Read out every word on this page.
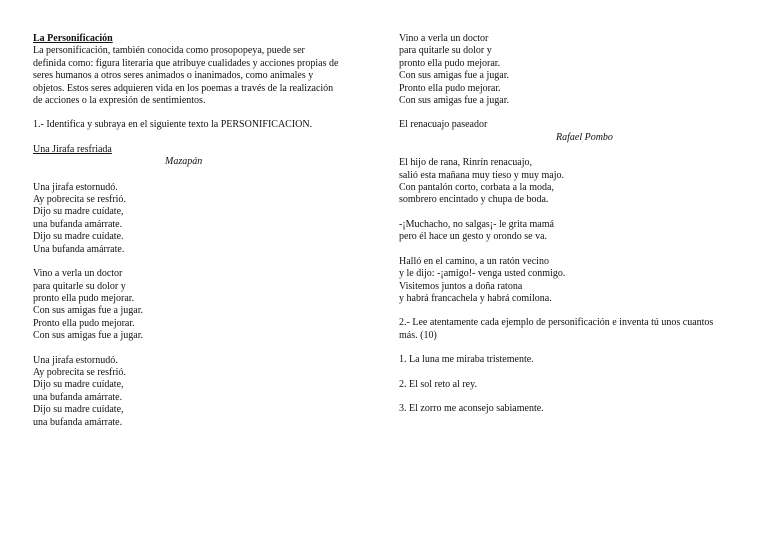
La Personificación
La personificación, también conocida como prosopopeya, puede ser
definida como: figura literaria que atribuye cualidades y acciones propias de
seres humanos a otros seres animados o inanimados, como animales y
objetos. Estos seres adquieren vida en los poemas a través de la realización
de acciones o la expresión de sentimientos.
1.- Identifica y subraya en el siguiente texto la PERSONIFICACION.
Una Jirafa resfriada
Mazapán
Una jirafa estornudó.
Ay pobrecita se resfrió.
Dijo su madre cuídate,
una bufanda amárrate.
Dijo su madre cuídate.
Una bufanda amárrate.
Vino a verla un doctor
para quitarle su dolor y
pronto ella pudo mejorar.
Con sus amigas fue a jugar.
Pronto ella pudo mejorar.
Con sus amigas fue a jugar.
Una jirafa estornudó.
Ay pobrecita se resfrió.
Dijo su madre cuídate,
una bufanda amárrate.
Dijo su madre cuídate,
una bufanda amárrate.
Vino a verla un doctor
para quitarle su dolor y
pronto ella pudo mejorar.
Con sus amigas fue a jugar.
Pronto ella pudo mejorar.
Con sus amigas fue a jugar.
El renacuajo paseador
Rafael Pombo
El hijo de rana, Rinrín renacuajo,
salió esta mañana muy tieso y muy majo.
Con pantalón corto, corbata a la moda,
sombrero encintado y chupa de boda.
-¡Muchacho, no salgas¡- le grita mamá
pero él hace un gesto y orondo se va.
Halló en el camino, a un ratón vecino
y le dijo: -¡amigo!- venga usted conmigo.
Visitemos juntos a doña ratona
y habrá francachela y habrá comilona.
2.- Lee atentamente cada ejemplo de personificación e inventa tú unos cuantos más. (10)
1. La luna me miraba tristemente.
2. El sol reto al rey.
3. El zorro me aconsejo sabiamente.
